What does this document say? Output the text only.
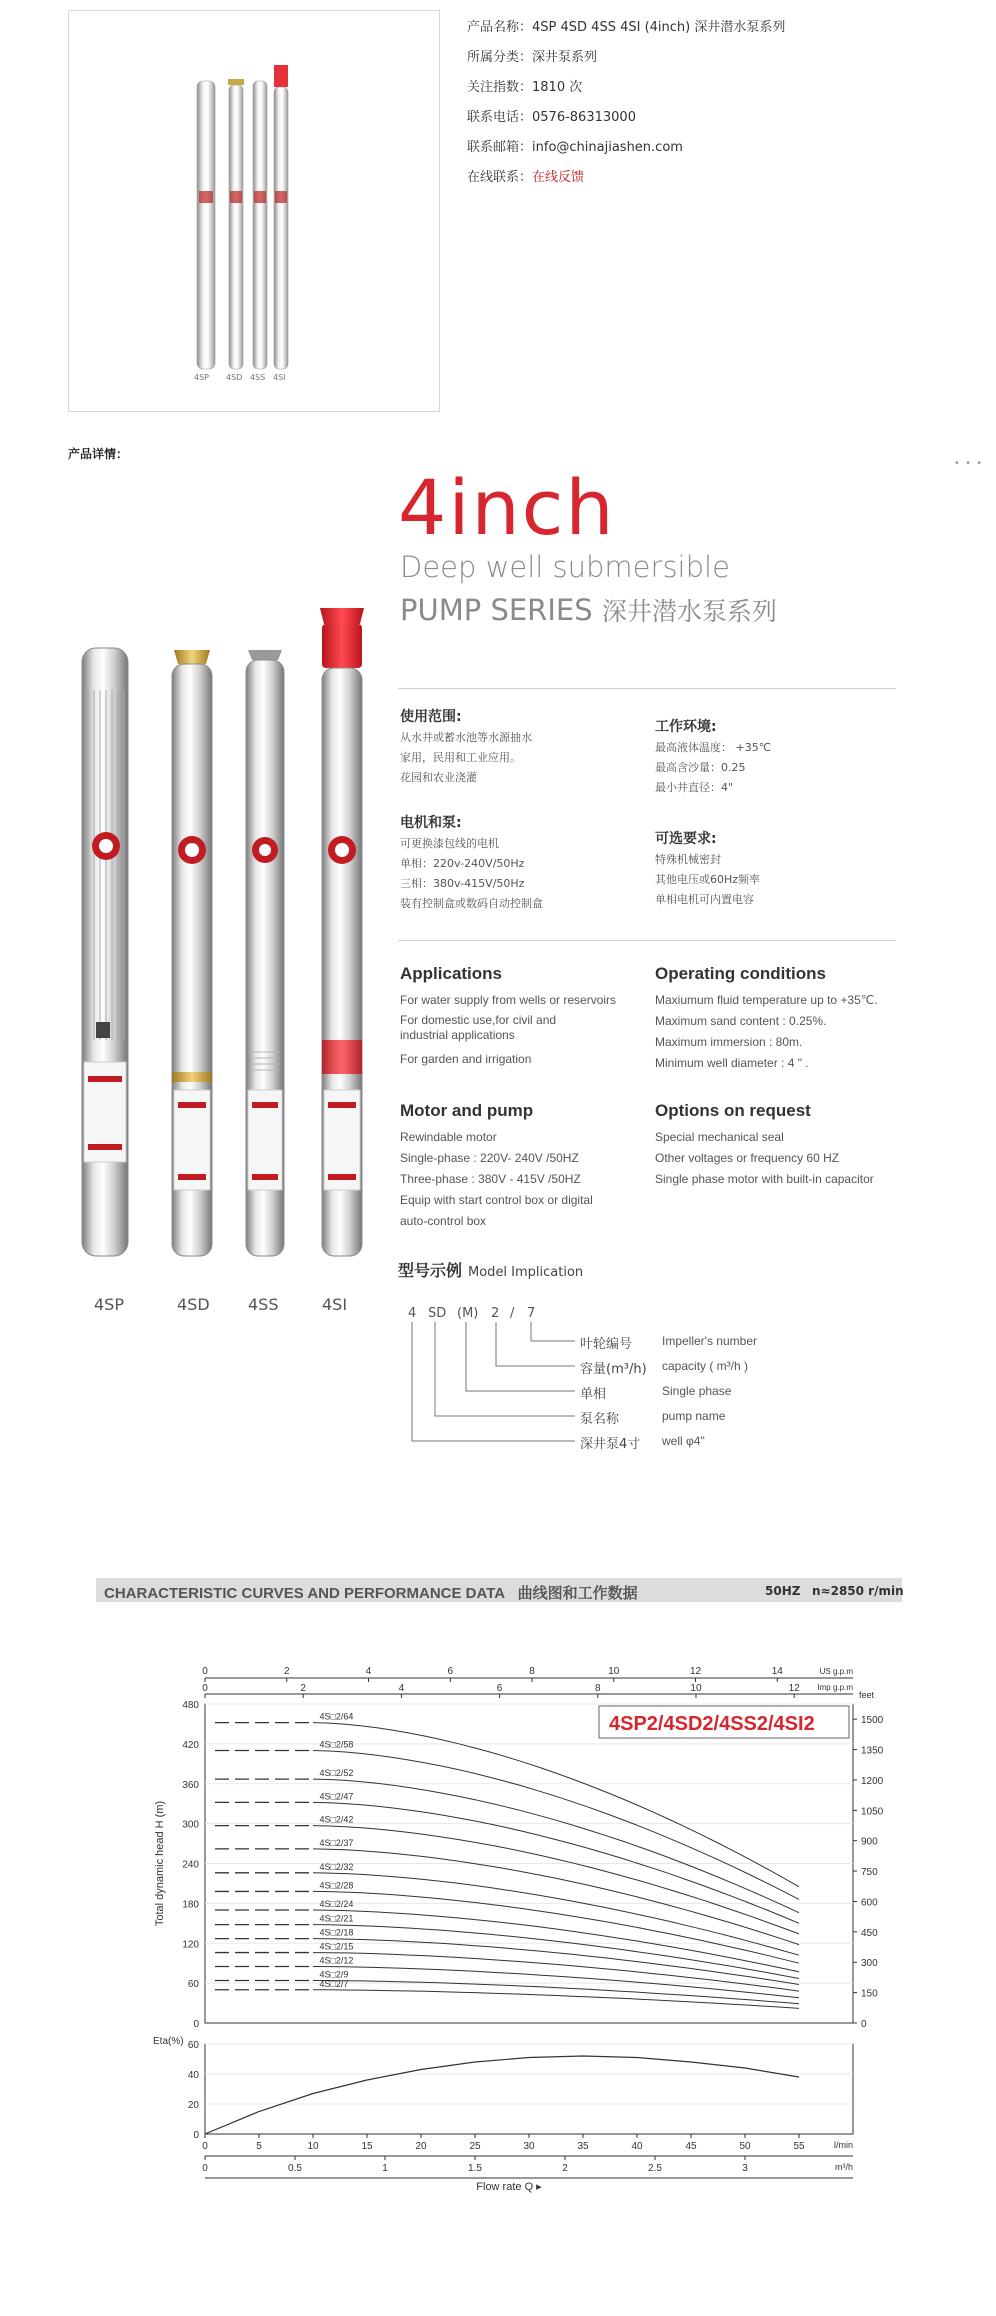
4SP 4SD 4SS 4SI
产品名称：4SP 4SD 4SS 4SI (4inch) 深井潜水泵系列
所属分类：深井泵系列
关注指数：1810 次
联系电话：0576-86313000
联系邮箱：info@chinajiashen.com
在线联系：在线反馈
产品详情：
• • •
4inch
Deep well submersible
PUMP SERIES 深井潜水泵系列
4SP	4SD 4SS	4SI
使用范围:
从水井或蓄水池等水源抽水
家用，民用和工业应用。
花园和农业浇灌
工作环境:
最高液体温度： +35℃
最高含沙量：0.25
最小井直径：4"
电机和泵:
可更换漆包线的电机
单相：220v-240V/50Hz
三相：380v-415V/50Hz
装有控制盒或数码自动控制盒
可选要求:
特殊机械密封
其他电压或60Hz频率
单相电机可内置电容
Applications
For water supply from wells or reservoirs
For domestic use,for civil and
industrial applications
For garden and irrigation
Operating conditions
Maxiumum fluid temperature up to +35℃.
Maximum sand content : 0.25%.
Maximum immersion : 80m.
Minimum well diameter : 4 " .
Motor and pump
Rewindable motor
Single-phase : 220V- 240V /50HZ
Three-phase : 380V - 415V /50HZ
Equip with start control box or digital
auto-control box
Options on request
Special mechanical seal
Other voltages or frequency 60 HZ
Single phase motor with built-in capacitor
型号示例 Model Implication
4 SD (M) 2 / 7
叶轮编号 Impeller's number
容量(m³/h) capacity ( m³/h )
单相	Single phase
泵名称	pump name
深井泵4寸 well φ4"
CHARACTERISTIC CURVES AND PERFORMANCE DATA 曲线图和工作数据	50HZ n≈2850 r/min
60
120
180
240
300
360
420
480
0	0
150
300
450
600
750
900
1050
1200
1350
1500
feet
0	2	4	6	8	10	12	14
0	2	4	6	8	10	12
US g.p.m
Imp g.p.m
Total dynamic head H (m)
4SP2/4SD2/4SS2/4SI2
4S□2/64
4S□2/58
4S□2/52
4S□2/47
4S□2/42
4S□2/37
4S□2/32
4S□2/28
4S□2/24
4S□2/21
4S□2/18
4S□2/15
4S□2/12
4S□2/9
4S□2/7
Eta(%)
0
20
40
60
0	5	10	15	20	25	30	35	40	45	50	55	l/min
0	0.5	1	1.5	2	2.5	3	m³/h
Flow rate Q ▸
